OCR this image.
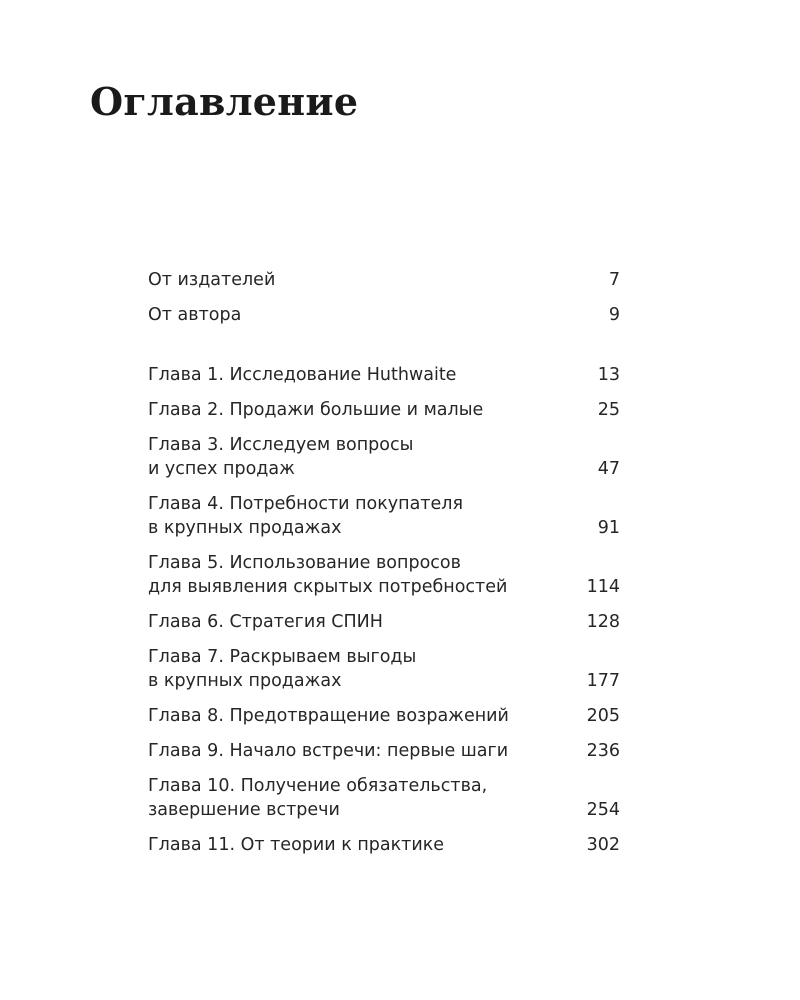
Оглавление
От издателей	7
От автора	9
Глава 1. Исследование Huthwaite	13
Глава 2. Продажи большие и малые	25
Глава 3. Исследуем вопросы
и успех продаж	47
Глава 4. Потребности покупателя
в крупных продажах	91
Глава 5. Использование вопросов
для выявления скрытых потребностей	114
Глава 6. Стратегия СПИН	128
Глава 7. Раскрываем выгоды
в крупных продажах	177
Глава 8. Предотвращение возражений	205
Глава 9. Начало встречи: первые шаги	236
Глава 10. Получение обязательства,
завершение встречи	254
Глава 11. От теории к практике	302
